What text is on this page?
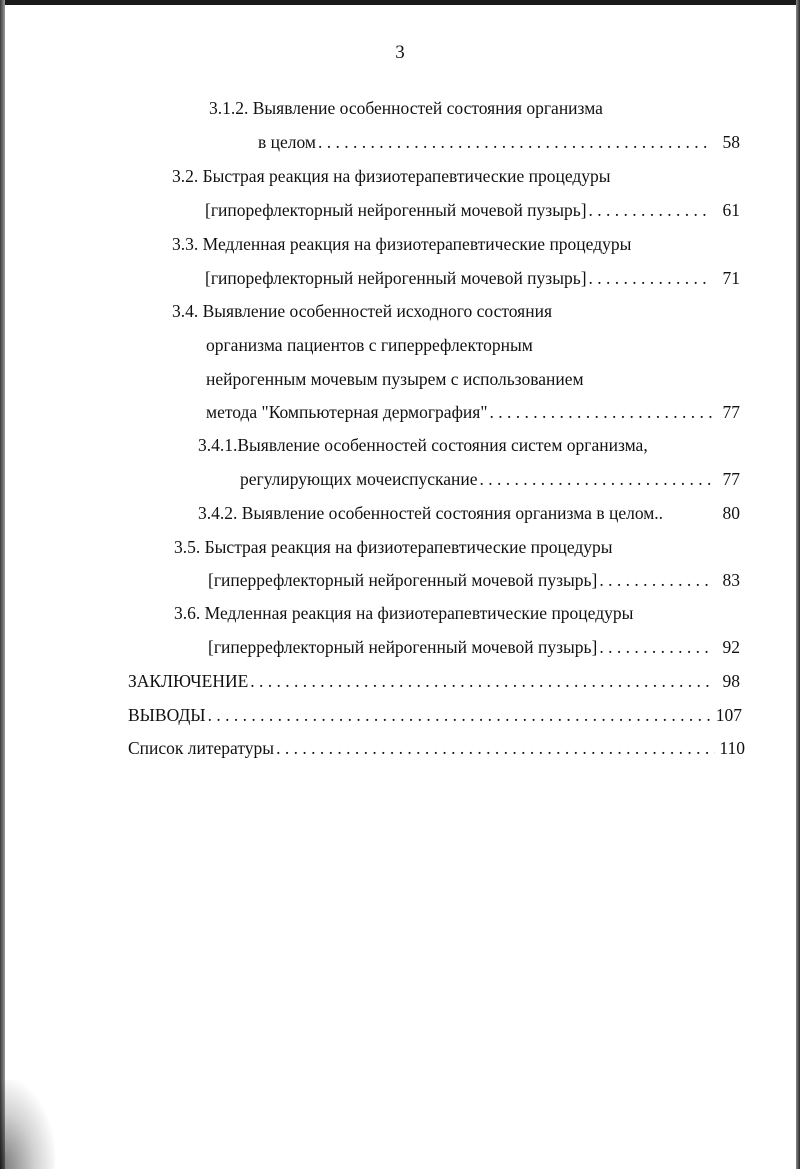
3
3.1.2. Выявление особенностей состояния организма
в целом . . .	58
3.2. Быстрая реакция на физиотерапевтические процедуры
[гипорефлекторный нейрогенный мочевой пузырь] . . .	61
3.3. Медленная реакция на физиотерапевтические процедуры
[гипорефлекторный нейрогенный мочевой пузырь] . . .	71
3.4. Выявление особенностей исходного состояния
организма пациентов с гиперрефлекторным
нейрогенным мочевым пузырем с использованием
метода "Компьютерная дермография" . . .	77
3.4.1.Выявление особенностей состояния систем организма,
регулирующих мочеиспускание . . .	77
3.4.2. Выявление особенностей состояния организма в целом..	80
3.5. Быстрая реакция на физиотерапевтические процедуры
[гиперрефлекторный нейрогенный мочевой пузырь] . . .	83
3.6. Медленная реакция на физиотерапевтические процедуры
[гиперрефлекторный нейрогенный мочевой пузырь] . . .	92
ЗАКЛЮЧЕНИЕ . . .	98
ВЫВОДЫ . . .	107
Список литературы . . .	110
